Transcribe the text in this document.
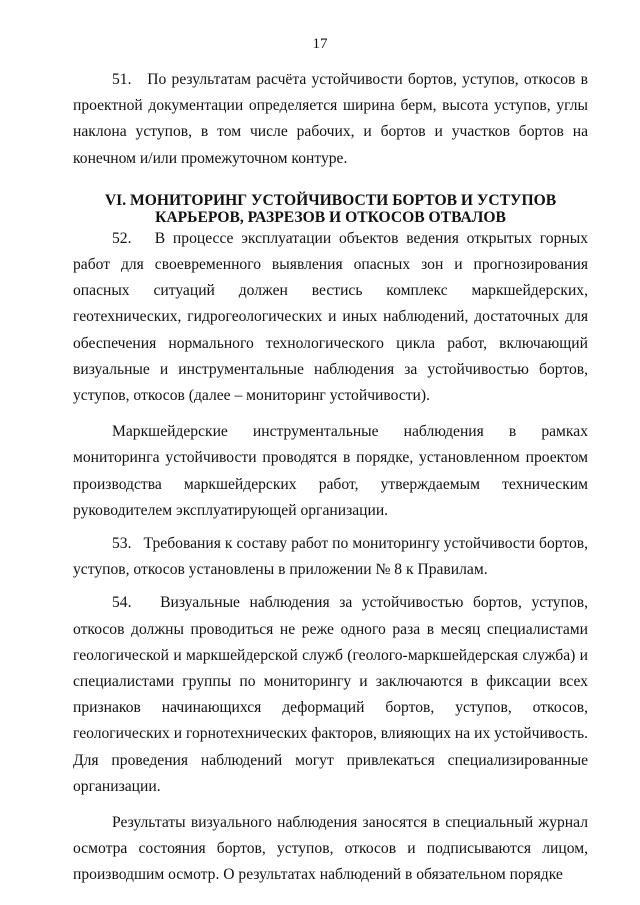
17

51.   По результатам расчёта устойчивости бортов, уступов, откосов в проектной документации определяется ширина берм, высота уступов, углы наклона уступов, в том числе рабочих, и бортов и участков бортов на конечном и/или промежуточном контуре.

VI. МОНИТОРИНГ УСТОЙЧИВОСТИ БОРТОВ И УСТУПОВ
КАРЬЕРОВ, РАЗРЕЗОВ И ОТКОСОВ ОТВАЛОВ

52.   В процессе эксплуатации объектов ведения открытых горных работ для своевременного выявления опасных зон и прогнозирования опасных ситуаций должен вестись комплекс маркшейдерских, геотехнических, гидрогеологических и иных наблюдений, достаточных для обеспечения нормального технологического цикла работ, включающий визуальные и инструментальные наблюдения за устойчивостью бортов, уступов, откосов (далее – мониторинг устойчивости).

Маркшейдерские инструментальные наблюдения в рамках мониторинга устойчивости проводятся в порядке, установленном проектом производства маркшейдерских работ, утверждаемым техническим руководителем эксплуатирующей организации.

53.   Требования к составу работ по мониторингу устойчивости бортов, уступов, откосов установлены в приложении № 8 к Правилам.

54.   Визуальные наблюдения за устойчивостью бортов, уступов, откосов должны проводиться не реже одного раза в месяц специалистами геологической и маркшейдерской служб (геолого-маркшейдерская служба) и специалистами группы по мониторингу и заключаются в фиксации всех признаков начинающихся деформаций бортов, уступов, откосов, геологических и горнотехнических факторов, влияющих на их устойчивость. Для проведения наблюдений могут привлекаться специализированные организации.

Результаты визуального наблюдения заносятся в специальный журнал осмотра состояния бортов, уступов, откосов и подписываются лицом, производшим осмотр. О результатах наблюдений в обязательном порядке
